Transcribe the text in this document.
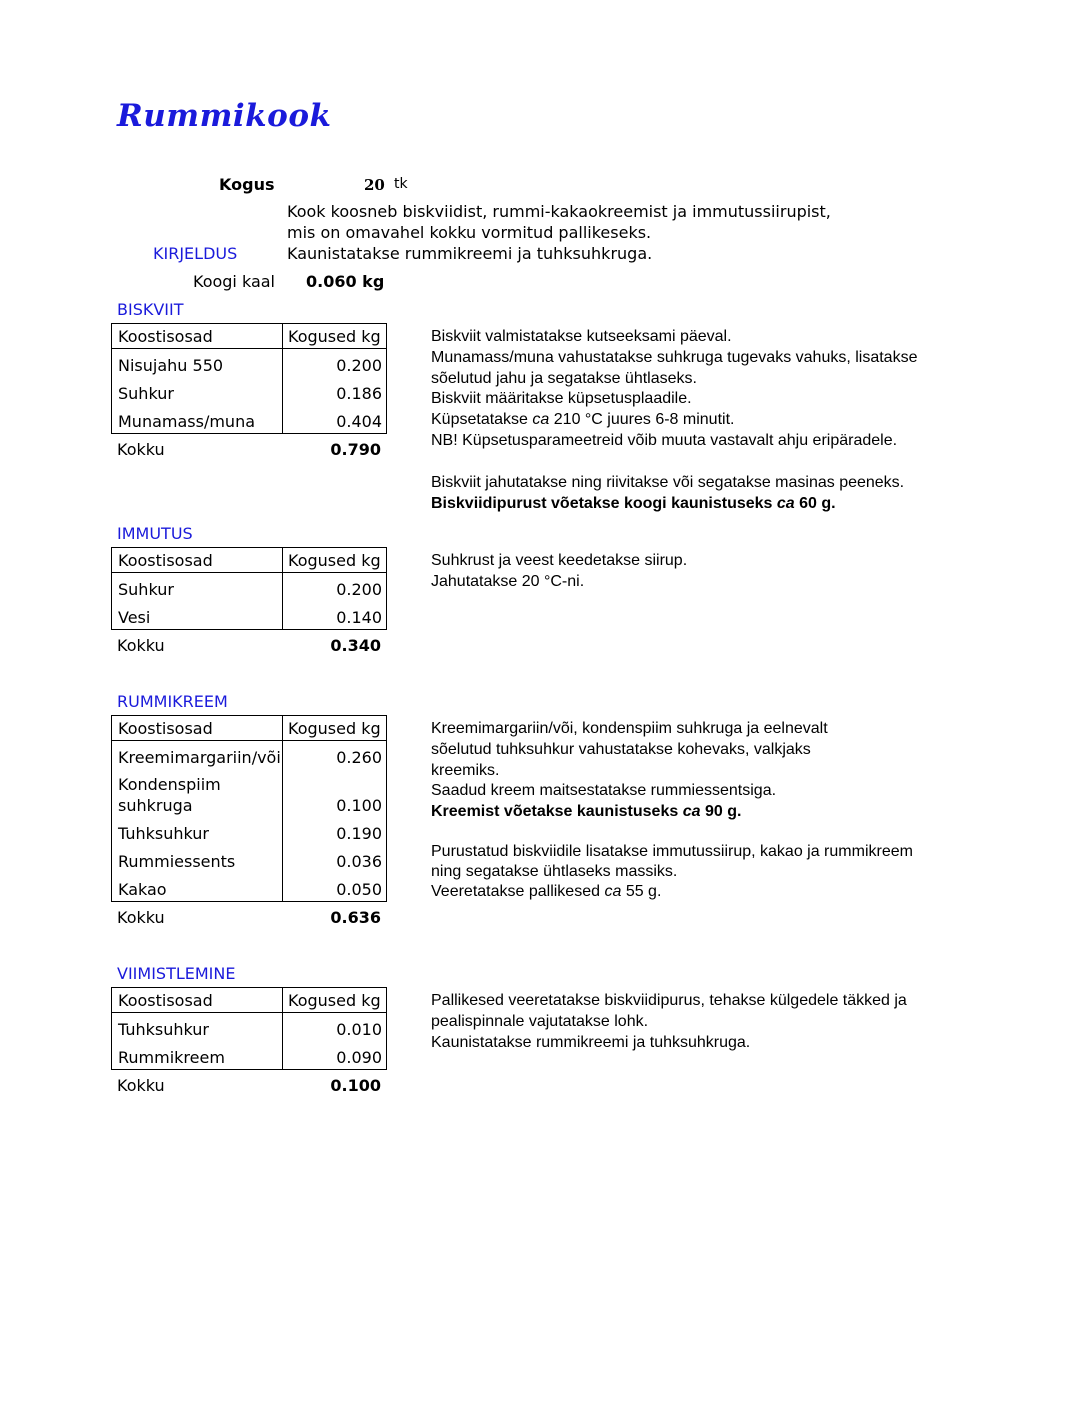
Rummikook
Kogus	20 tk
Kook koosneb biskviidist, rummi-kakaokreemist ja immutussiirupist,
mis on omavahel kokku vormitud pallikeseks.
Kaunistatakse rummikreemi ja tuhksuhkruga.
KIRJELDUS
Koogi kaal 0.060 kg
BISKVIIT
Koostisosad	Kogused kg
Nisujahu 550	0.200
Suhkur	0.186
Munamass/muna	0.404
Kokku	0.790
Biskviit valmistatakse kutseeksami päeval.
Munamass/muna vahustatakse suhkruga tugevaks vahuks, lisatakse
sõelutud jahu ja segatakse ühtlaseks.
Biskviit määritakse küpsetusplaadile.
Küpsetatakse ca 210 °C juures 6-8 minutit.
NB! Küpsetusparameetreid võib muuta vastavalt ahju eripäradele.
Biskviit jahutatakse ning riivitakse või segatakse masinas peeneks.
Biskviidipurust võetakse koogi kaunistuseks ca 60 g.
IMMUTUS
Koostisosad	Kogused kg
Suhkur	0.200
Vesi	0.140
Kokku	0.340
Suhkrust ja veest keedetakse siirup.
Jahutatakse 20 °C-ni.
RUMMIKREEM
Koostisosad	Kogused kg
Kreemimargariin/või	0.260
Kondenspiim
suhkruga	0.100
Tuhksuhkur	0.190
Rummiessents	0.036
Kakao	0.050
Kokku	0.636
Kreemimargariin/või, kondenspiim suhkruga ja eelnevalt
sõelutud tuhksuhkur vahustatakse kohevaks, valkjaks
kreemiks.
Saadud kreem maitsestatakse rummiessentsiga.
Kreemist võetakse kaunistuseks ca 90 g.
Purustatud biskviidile lisatakse immutussiirup, kakao ja rummikreem
ning segatakse ühtlaseks massiks.
Veeretatakse pallikesed ca 55 g.
VIIMISTLEMINE
Koostisosad	Kogused kg
Tuhksuhkur	0.010
Rummikreem	0.090
Kokku	0.100
Pallikesed veeretatakse biskviidipurus, tehakse külgedele täkked ja
pealispinnale vajutatakse lohk.
Kaunistatakse rummikreemi ja tuhksuhkruga.
